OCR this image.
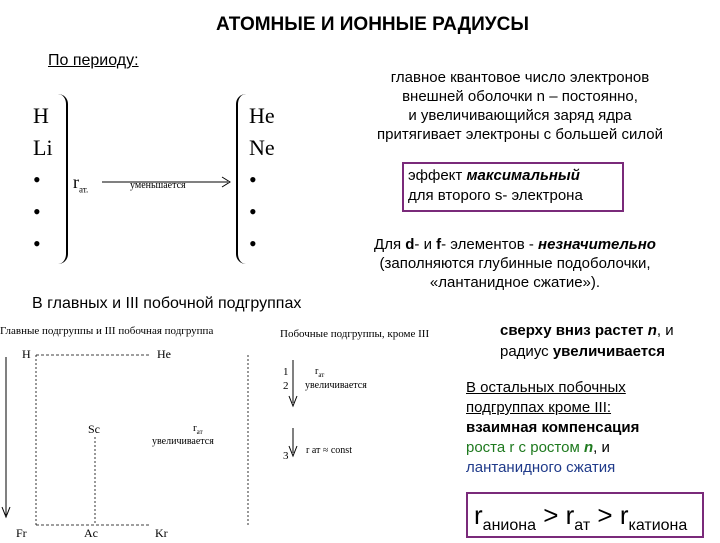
АТОМНЫЕ И ИОННЫЕ РАДИУСЫ
По периоду:
H
Li
•
•
•
He
Ne
•
•
•
$r_{ат.}$	уменьшается
главное квантовое число электронов
внешней оболочки n – постоянно,
и увеличивающийся заряд ядра
притягивает электроны с большей силой
эффект максимальный
для второго s- электрона
Для d- и f- элементов - незначительно
(заполняются глубинные подоболочки,
«лантанидное сжатие»).
В главных и III побочной подгруппах
Главные подгруппы и III побочная подгруппа
H	He
Sc	$r_{ат}$
увеличивается
Fr	Ac	Kr
Побочные подгруппы, кроме III
1
2
3
$r_{ат}$
увеличивается
r ат ≈ const
сверху вниз растет n, и
радиус увеличивается
В остальных побочных
подгруппах кроме III:
взаимная компенсация
роста r с ростом n, и
лантанидного сжатия
$r_{аниона} > r_{ат} > r_{катиона}$
